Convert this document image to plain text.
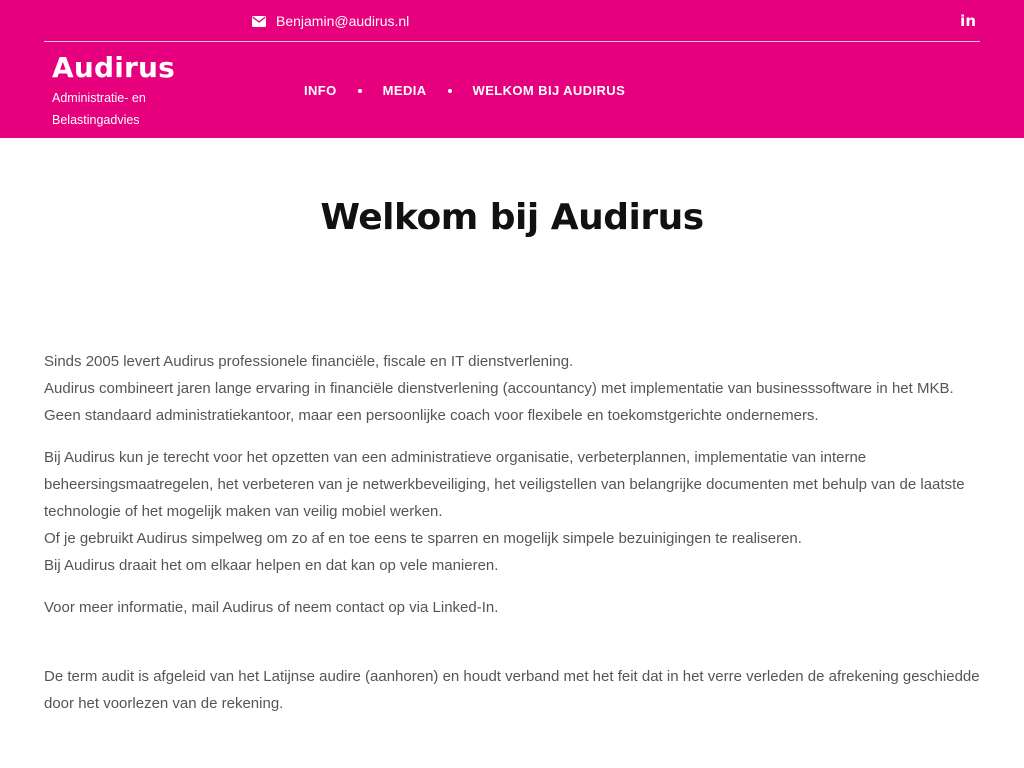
Benjamin@audirus.nl	in
Audirus
Administratie- en Belastingadvies
INFO	MEDIA	WELKOM BIJ AUDIRUS
Welkom bij Audirus

Sinds 2005 levert Audirus professionele financiële, fiscale en IT dienstverlening.
Audirus combineert jaren lange ervaring in financiële dienstverlening (accountancy) met implementatie van businesssoftware in het MKB.
Geen standaard administratiekantoor, maar een persoonlijke coach voor flexibele en toekomstgerichte ondernemers.

Bij Audirus kun je terecht voor het opzetten van een administratieve organisatie, verbeterplannen, implementatie van interne beheersingsmaatregelen, het verbeteren van je netwerkbeveiliging, het veiligstellen van belangrijke documenten met behulp van de laatste technologie of het mogelijk maken van veilig mobiel werken.
Of je gebruikt Audirus simpelweg om zo af en toe eens te sparren en mogelijk simpele bezuinigingen te realiseren.
Bij Audirus draait het om elkaar helpen en dat kan op vele manieren.

Voor meer informatie, mail Audirus of neem contact op via Linked-In.

De term audit is afgeleid van het Latijnse audire (aanhoren) en houdt verband met het feit dat in het verre verleden de afrekening geschiedde door het voorlezen van de rekening.
